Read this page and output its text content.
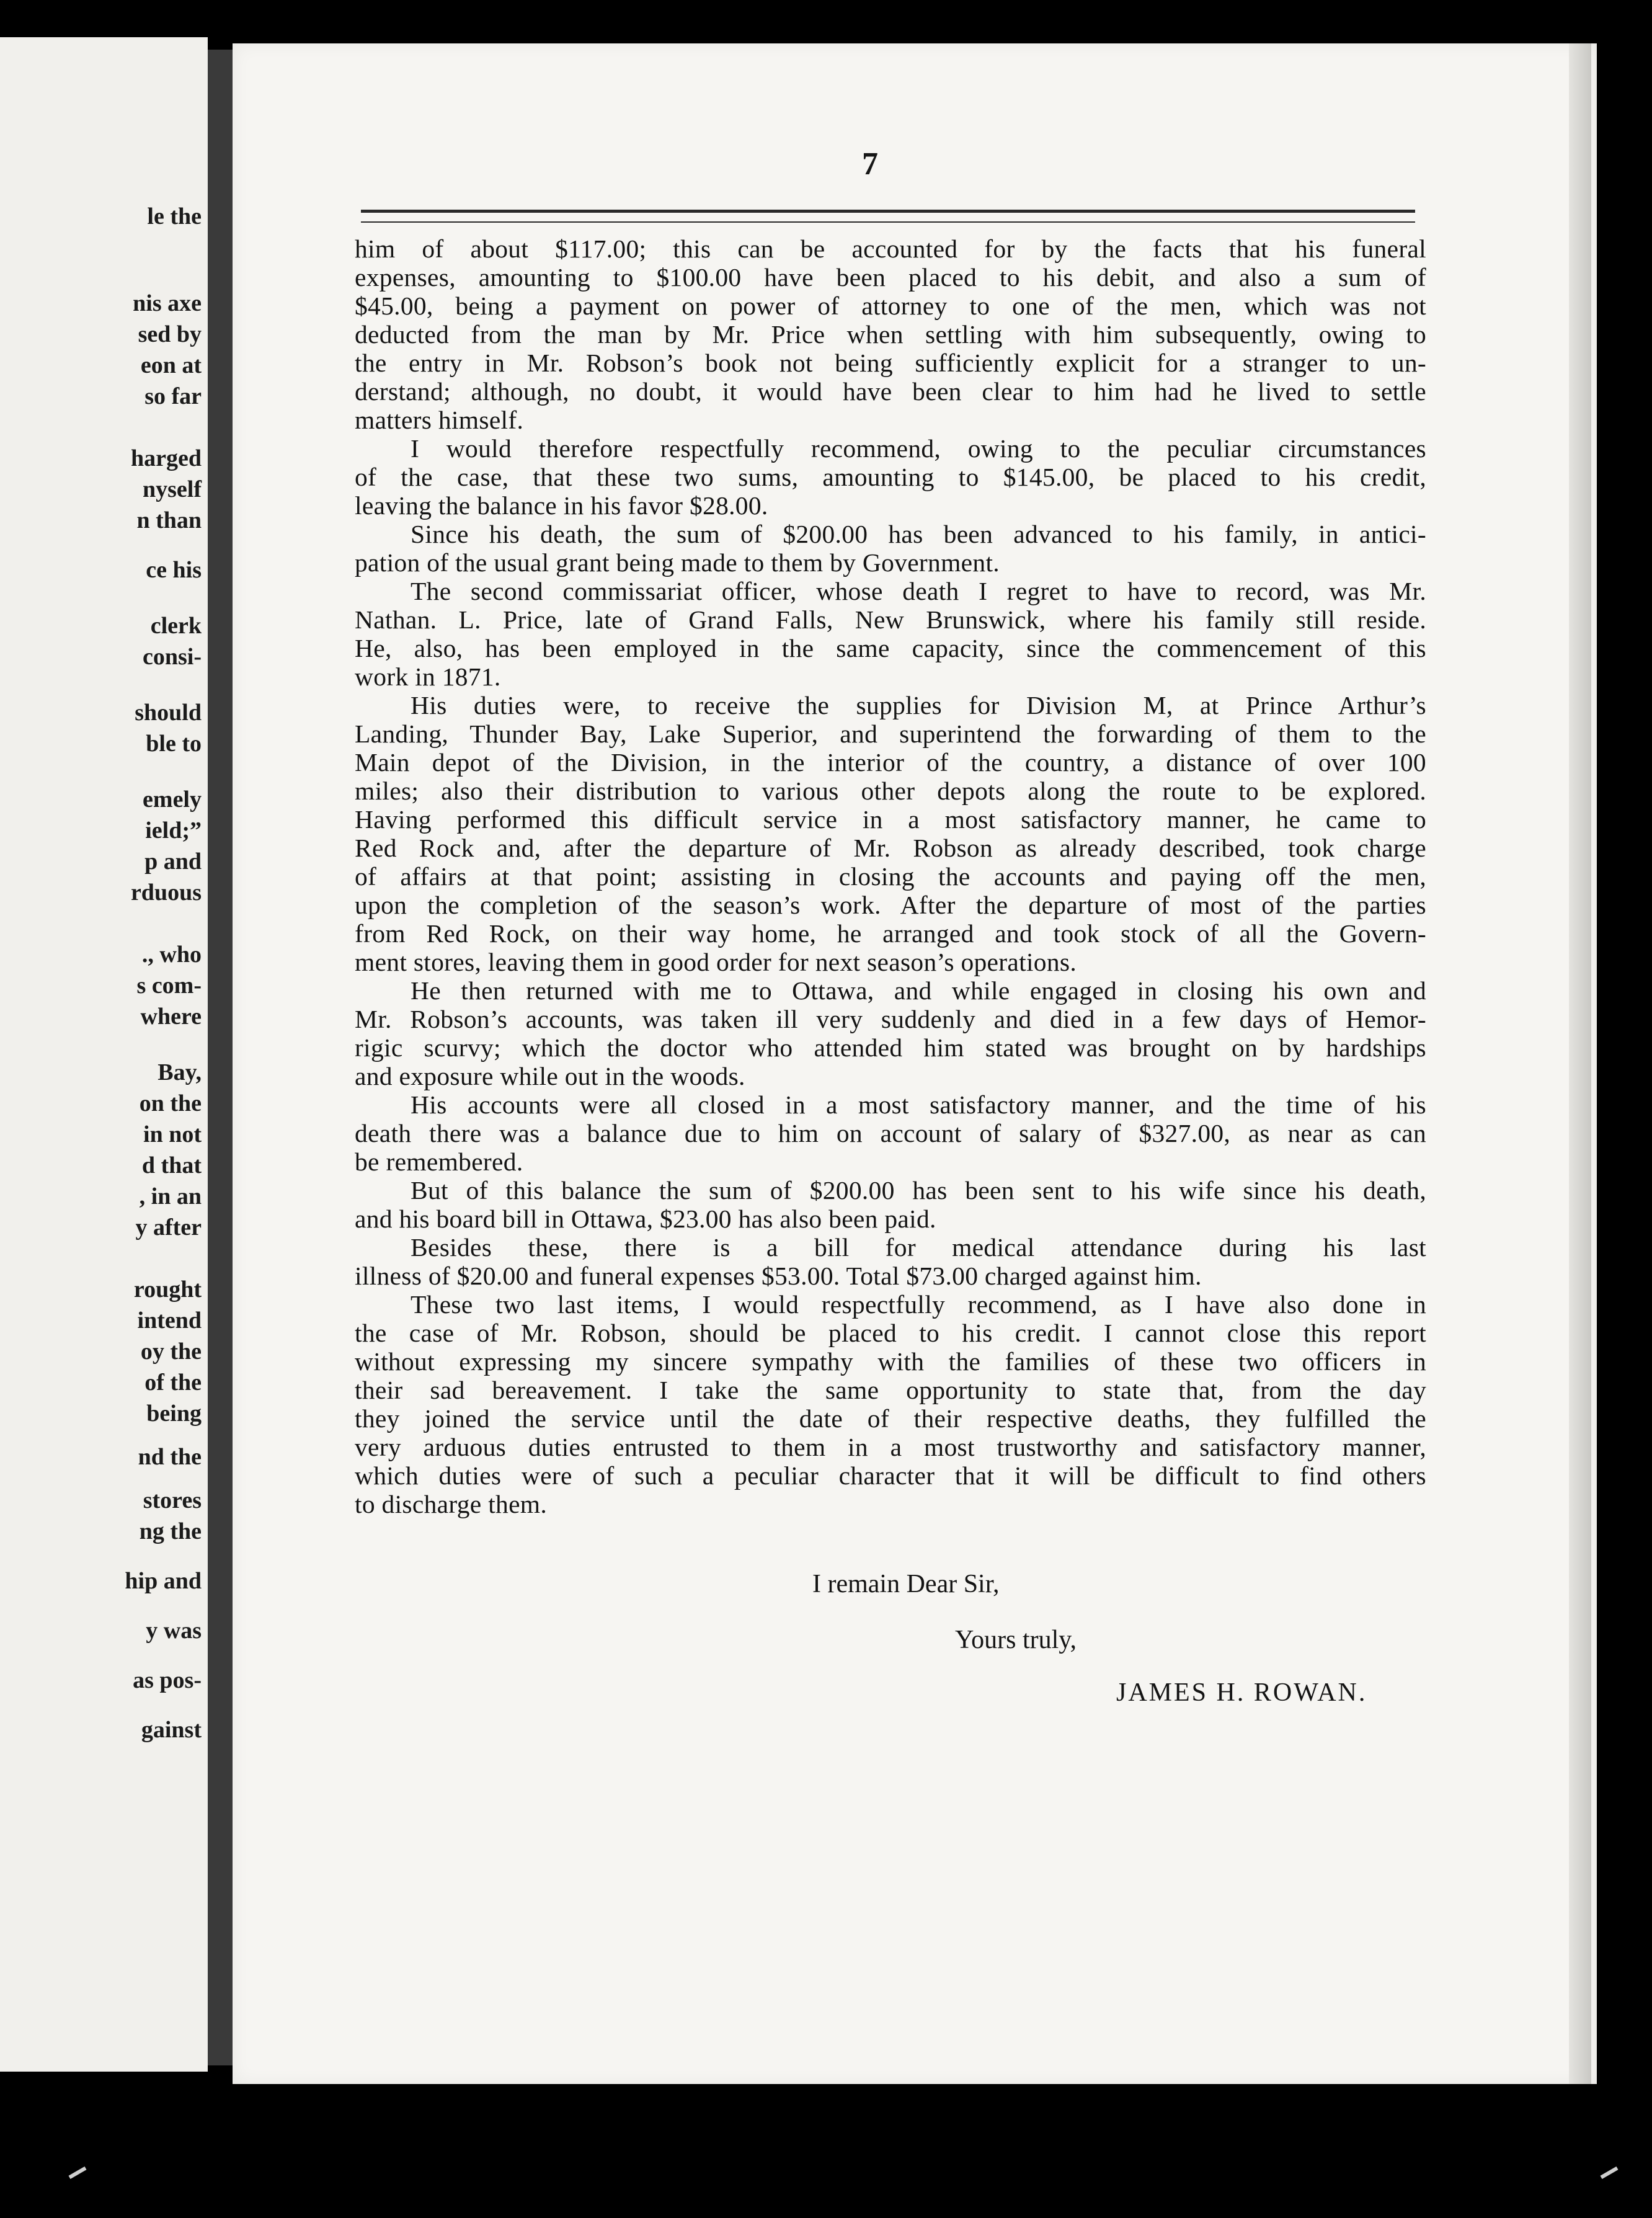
le the

nis axe

sed by

eon at

so far

harged

nyself

n than

ce his

clerk

consi-

should

ble to

emely

ield;”

p and

rduous

., who

s com-

where

Bay,

on the

in not

d that

, in an

y after

rought

intend

oy the

of the

being

nd the

stores

ng the

hip and

y was

as pos-

gainst

7

him of about $117.00; this can be accounted for by the facts that his funeral

expenses, amounting to $100.00 have been placed to his debit, and also a sum of

$45.00, being a payment on power of attorney to one of the men, which was not

deducted from the man by Mr. Price when settling with him subsequently, owing to

the entry in Mr. Robson’s book not being sufficiently explicit for a stranger to un-

derstand; although, no doubt, it would have been clear to him had he lived to settle

matters himself.

I would therefore respectfully recommend, owing to the peculiar circumstances

of the case, that these two sums, amounting to $145.00, be placed to his credit,

leaving the balance in his favor $28.00.

Since his death, the sum of $200.00 has been advanced to his family, in antici-

pation of the usual grant being made to them by Government.

The second commissariat officer, whose death I regret to have to record, was Mr.

Nathan. L. Price, late of Grand Falls, New Brunswick, where his family still reside.

He, also, has been employed in the same capacity, since the commencement of this

work in 1871.

His duties were, to receive the supplies for Division M, at Prince Arthur’s

Landing, Thunder Bay, Lake Superior, and superintend the forwarding of them to the

Main depot of the Division, in the interior of the country, a distance of over 100

miles; also their distribution to various other depots along the route to be explored.

Having performed this difficult service in a most satisfactory manner, he came to

Red Rock and, after the departure of Mr. Robson as already described, took charge

of affairs at that point; assisting in closing the accounts and paying off the men,

upon the completion of the season’s work. After the departure of most of the parties

from Red Rock, on their way home, he arranged and took stock of all the Govern-

ment stores, leaving them in good order for next season’s operations.

He then returned with me to Ottawa, and while engaged in closing his own and

Mr. Robson’s accounts, was taken ill very suddenly and died in a few days of Hemor-

rigic scurvy; which the doctor who attended him stated was brought on by hardships

and exposure while out in the woods.

His accounts were all closed in a most satisfactory manner, and the time of his

death there was a balance due to him on account of salary of $327.00, as near as can

be remembered.

But of this balance the sum of $200.00 has been sent to his wife since his death,

and his board bill in Ottawa, $23.00 has also been paid.

Besides these, there is a bill for medical attendance during his last

illness of $20.00 and funeral expenses $53.00. Total $73.00 charged against him.

These two last items, I would respectfully recommend, as I have also done in

the case of Mr. Robson, should be placed to his credit. I cannot close this report

without expressing my sincere sympathy with the families of these two officers in

their sad bereavement. I take the same opportunity to state that, from the day

they joined the service until the date of their respective deaths, they fulfilled the

very arduous duties entrusted to them in a most trustworthy and satisfactory manner,

which duties were of such a peculiar character that it will be difficult to find others

to discharge them.

I remain Dear Sir,

Yours truly,

JAMES H. ROWAN.
